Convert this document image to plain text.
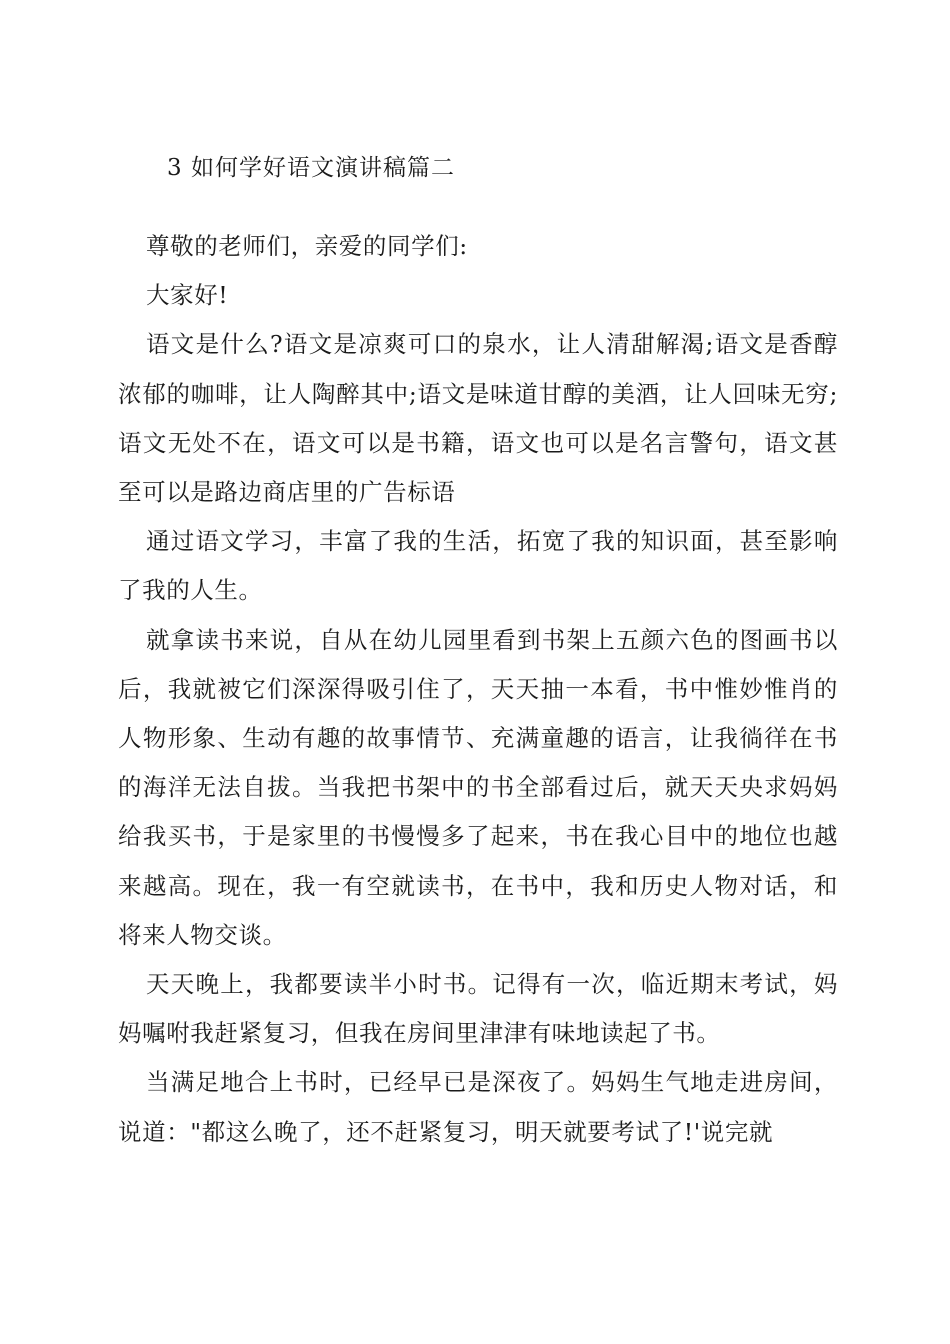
3 如何学好语文演讲稿篇二

尊敬的老师们，亲爱的同学们:

大家好!

语文是什么?语文是凉爽可口的泉水，让人清甜解渴;语文是香醇浓郁的咖啡，让人陶醉其中;语文是味道甘醇的美酒，让人回味无穷;语文无处不在，语文可以是书籍，语文也可以是名言警句，语文甚至可以是路边商店里的广告标语

通过语文学习，丰富了我的生活，拓宽了我的知识面，甚至影响了我的人生。

就拿读书来说，自从在幼儿园里看到书架上五颜六色的图画书以后，我就被它们深深得吸引住了，天天抽一本看，书中惟妙惟肖的人物形象、生动有趣的故事情节、充满童趣的语言，让我徜徉在书的海洋无法自拔。当我把书架中的书全部看过后，就天天央求妈妈给我买书，于是家里的书慢慢多了起来，书在我心目中的地位也越来越高。现在，我一有空就读书，在书中，我和历史人物对话，和将来人物交谈。

天天晚上，我都要读半小时书。记得有一次，临近期末考试，妈妈嘱咐我赶紧复习，但我在房间里津津有味地读起了书。

当满足地合上书时，已经早已是深夜了。妈妈生气地走进房间，说道："都这么晚了，还不赶紧复习，明天就要考试了!'说完就
